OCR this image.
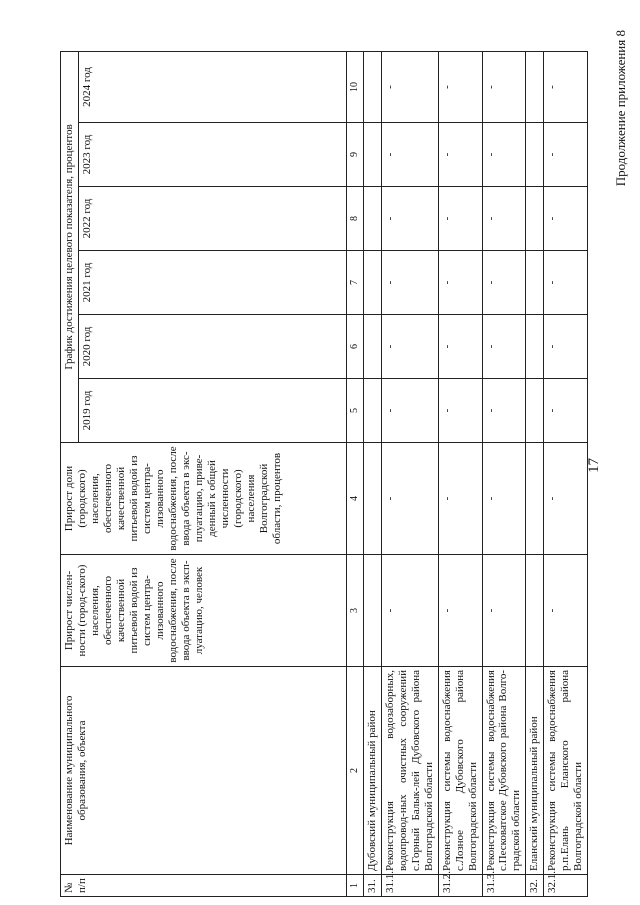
17
Продолжение приложения 8
№ п/п	Наименование муниципального образования, объекта	Прирост числен-ности (город-ского) населения, обеспеченного качественной питьевой водой из систем центра-лизованного водоснабжения, после ввода объекта в эксп-луатацию, человек	Прирост доли (городского) населения, обеспеченного качественной питьевой водой из систем центра-лизованного водоснабжения, после ввода объекта в экс-плуатацию, приве-денный к общей численности (городского) населения Волгоградской области, процентов	График достижения целевого показателя, процентов					
				2019 год	2020 год	2021 год	2022 год	2023 год	2024 год
1	2	3	4	5	6	7	8	9	10
31.	Дубовский муниципальный район								
31.1.	Реконструкция водозаборных, водопровод-ных очистных сооружений с.Горный Балык-лей Дубовского района Волгоградской области	-	-	-	-	-	-	-	-
31.2.	Реконструкция системы водоснабжения с.Лозное Дубовского района Волгоградской области	-	-	-	-	-	-	-	-
31.3.	Реконструкция системы водоснабжения с.Песковатское Дубовского района Волго-градской области	-	-	-	-	-	-	-	-
32.	Еланский муниципальный район								
32.1.	Реконструкция системы водоснабжения р.п.Елань Еланского района Волгоградской области	-	-	-	-	-	-	-	-
